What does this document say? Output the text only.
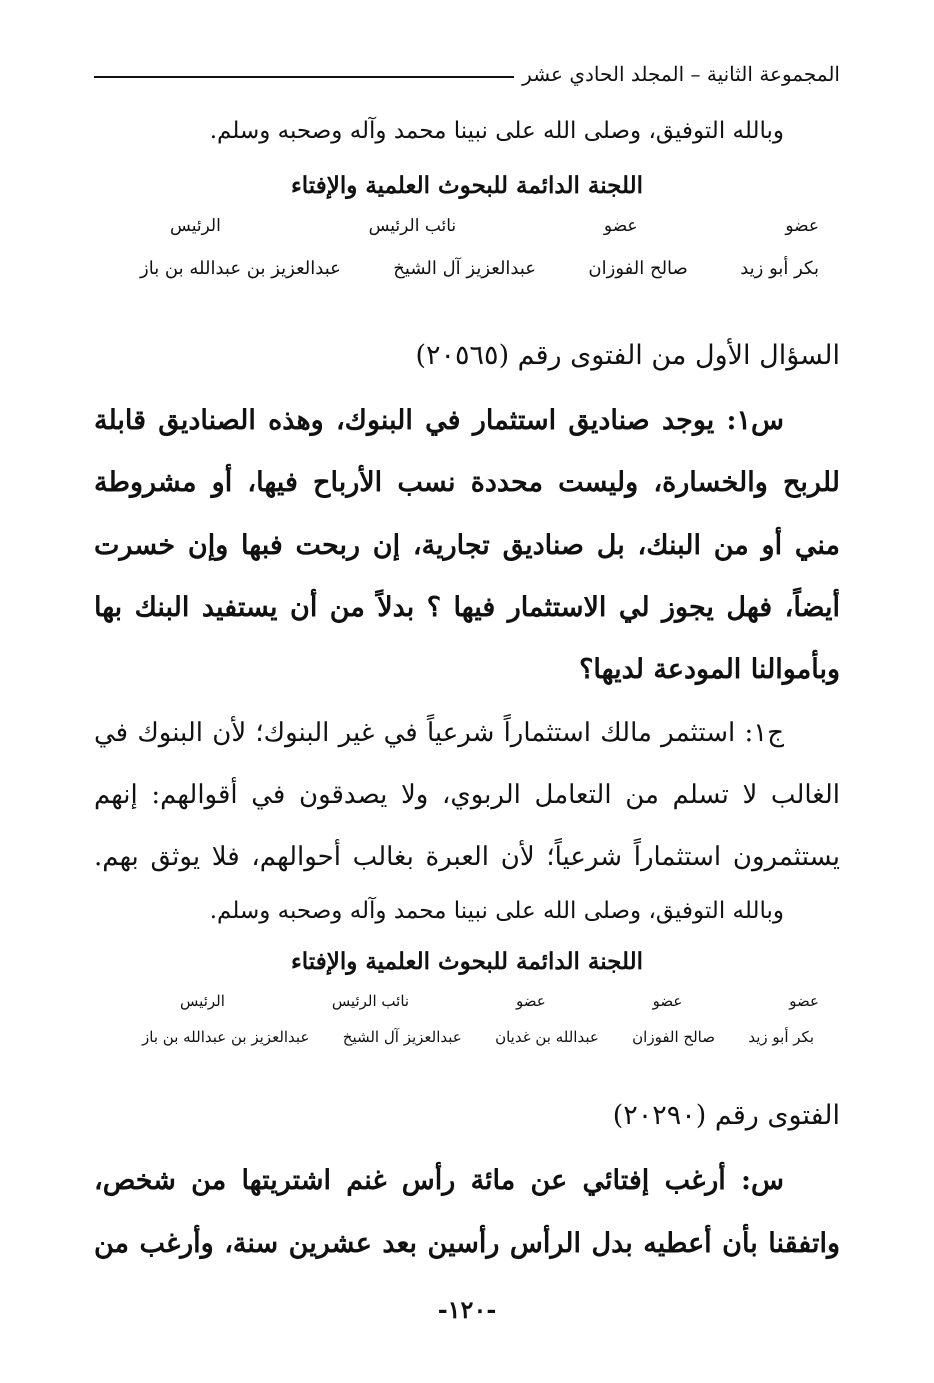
المجموعة الثانية – المجلد الحادي عشر
وبالله التوفيق، وصلى الله على نبينا محمد وآله وصحبه وسلم.
اللجنة الدائمة للبحوث العلمية والإفتاء
عضو
عضو
نائب الرئيس
الرئيس
بكر أبو زيد
صالح الفوزان
عبدالعزيز آل الشيخ
عبدالعزيز بن عبدالله بن باز
السؤال الأول من الفتوى رقم (٢٠٥٦٥)
س١: يوجد صناديق استثمار في البنوك، وهذه الصناديق قابلة
للربح والخسارة، وليست محددة نسب الأرباح فيها، أو مشروطة
مني أو من البنك، بل صناديق تجارية، إن ربحت فبها وإن خسرت
أيضاً، فهل يجوز لي الاستثمار فيها ؟ بدلاً من أن يستفيد البنك بها
وبأموالنا المودعة لديها؟
ج١: استثمر مالك استثماراً شرعياً في غير البنوك؛ لأن البنوك في
الغالب لا تسلم من التعامل الربوي، ولا يصدقون في أقوالهم: إنهم
يستثمرون استثماراً شرعياً؛ لأن العبرة بغالب أحوالهم، فلا يوثق بهم.
وبالله التوفيق، وصلى الله على نبينا محمد وآله وصحبه وسلم.
اللجنة الدائمة للبحوث العلمية والإفتاء
عضو
عضو
عضو
نائب الرئيس
الرئيس
بكر أبو زيد
صالح الفوزان
عبدالله بن غديان
عبدالعزيز آل الشيخ
عبدالعزيز بن عبدالله بن باز
الفتوى رقم (٢٠٢٩٠)
س: أرغب إفتائي عن مائة رأس غنم اشتريتها من شخص،
واتفقنا بأن أعطيه بدل الرأس رأسين بعد عشرين سنة، وأرغب من
-١٢٠-
